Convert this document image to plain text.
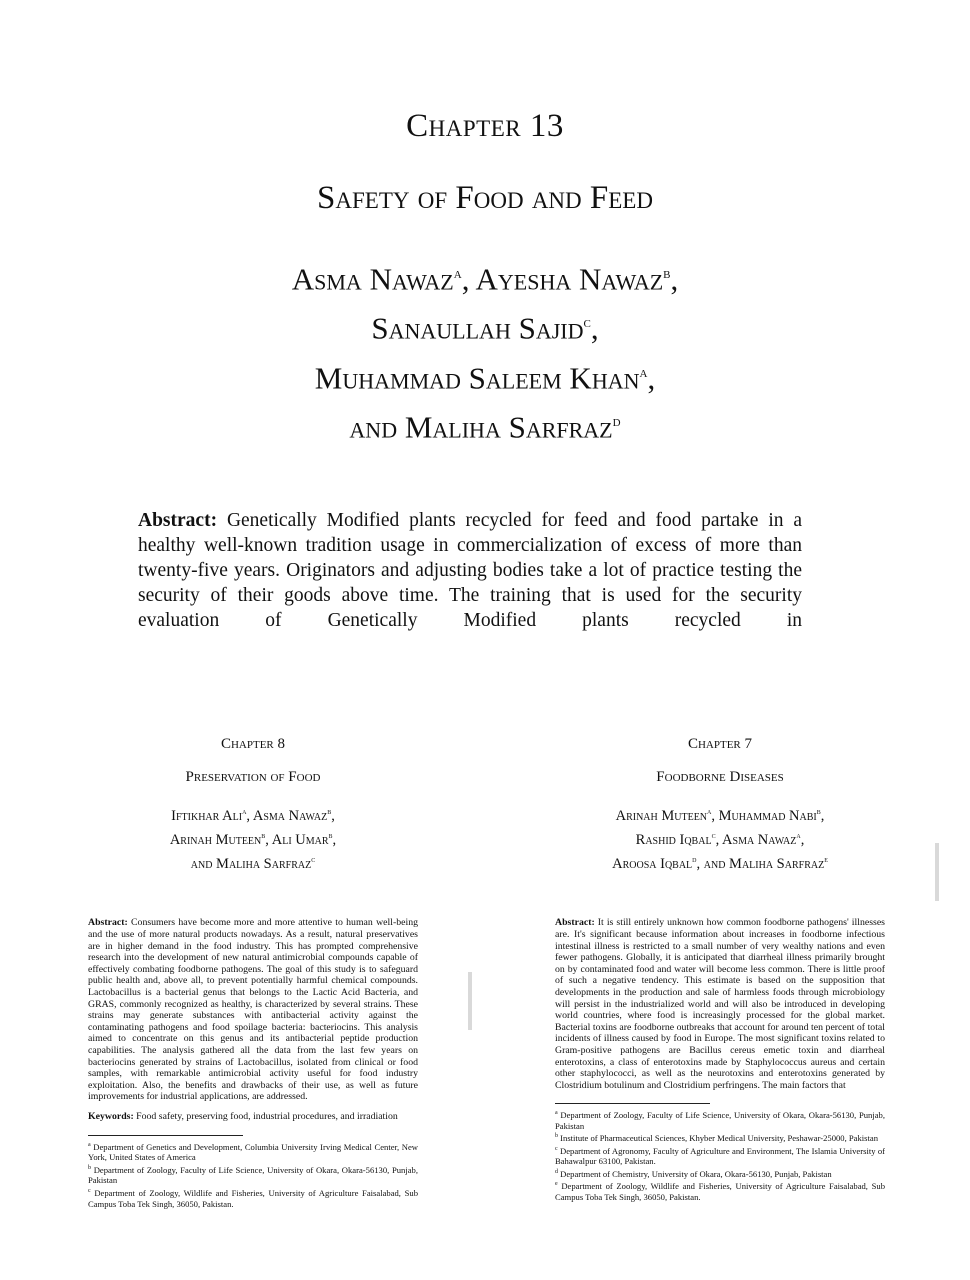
Chapter 13
Safety of Food and Feed
Asma Nawaz$^a$, Ayesha Nawaz$^b$,
Sanaullah Sajid$^c$,
Muhammad Saleem Khan$^a$,
and Maliha Sarfraz$^d$
Abstract: Genetically Modified plants recycled for feed and food partake in a healthy well-known tradition usage in commercialization of excess of more than twenty-five years. Originators and adjusting bodies take a lot of practice testing the security of their goods above time. The training that is used for the security evaluation of Genetically Modified plants recycled in
Chapter 8
Preservation of Food
Iftikhar Ali$^a$, Asma Nawaz$^b$,
Arinah Muteen$^b$, Ali Umar$^b$,
and Maliha Sarfraz$^c$
Abstract: Consumers have become more and more attentive to human well-being and the use of more natural products nowadays. As a result, natural preservatives are in higher demand in the food industry. This has prompted comprehensive research into the development of new natural antimicrobial compounds capable of effectively combating foodborne pathogens. The goal of this study is to safeguard public health and, above all, to prevent potentially harmful chemical compounds. Lactobacillus is a bacterial genus that belongs to the Lactic Acid Bacteria, and GRAS, commonly recognized as healthy, is characterized by several strains. These strains may generate substances with antibacterial activity against the contaminating pathogens and food spoilage bacteria: bacteriocins. This analysis aimed to concentrate on this genus and its antibacterial peptide production capabilities. The analysis gathered all the data from the last few years on bacteriocins generated by strains of Lactobacillus, isolated from clinical or food samples, with remarkable antimicrobial activity useful for food industry exploitation. Also, the benefits and drawbacks of their use, as well as future improvements for industrial applications, are addressed.
Keywords: Food safety, preserving food, industrial procedures, and irradiation
$^a$ Department of Genetics and Development, Columbia University Irving Medical Center, New York, United States of America
$^b$ Department of Zoology, Faculty of Life Science, University of Okara, Okara-56130, Punjab, Pakistan
$^c$ Department of Zoology, Wildlife and Fisheries, University of Agriculture Faisalabad, Sub Campus Toba Tek Singh, 36050, Pakistan.
Chapter 7
Foodborne Diseases
Arinah Muteen$^a$, Muhammad Nabi$^b$,
Rashid Iqbal$^c$, Asma Nawaz$^a$,
Aroosa Iqbal$^d$, and Maliha Sarfraz$^e$
Abstract: It is still entirely unknown how common foodborne pathogens' illnesses are. It's significant because information about increases in foodborne infectious intestinal illness is restricted to a small number of very wealthy nations and even fewer pathogens. Globally, it is anticipated that diarrheal illness primarily brought on by contaminated food and water will become less common. There is little proof of such a negative tendency. This estimate is based on the supposition that developments in the production and sale of harmless foods through microbiology will persist in the industrialized world and will also be introduced in developing world countries, where food is increasingly processed for the global market. Bacterial toxins are foodborne outbreaks that account for around ten percent of total incidents of illness caused by food in Europe. The most significant toxins related to Gram-positive pathogens are Bacillus cereus emetic toxin and diarrheal enterotoxins, a class of enterotoxins made by Staphylococcus aureus and certain other staphylococci, as well as the neurotoxins and enterotoxins generated by Clostridium botulinum and Clostridium perfringens. The main factors that
$^a$ Department of Zoology, Faculty of Life Science, University of Okara, Okara-56130, Punjab, Pakistan
$^b$ Institute of Pharmaceutical Sciences, Khyber Medical University, Peshawar-25000, Pakistan
$^c$ Department of Agronomy, Faculty of Agriculture and Environment, The Islamia University of Bahawalpur 63100, Pakistan.
$^d$ Department of Chemistry, University of Okara, Okara-56130, Punjab, Pakistan
$^e$ Department of Zoology, Wildlife and Fisheries, University of Agriculture Faisalabad, Sub Campus Toba Tek Singh, 36050, Pakistan.
